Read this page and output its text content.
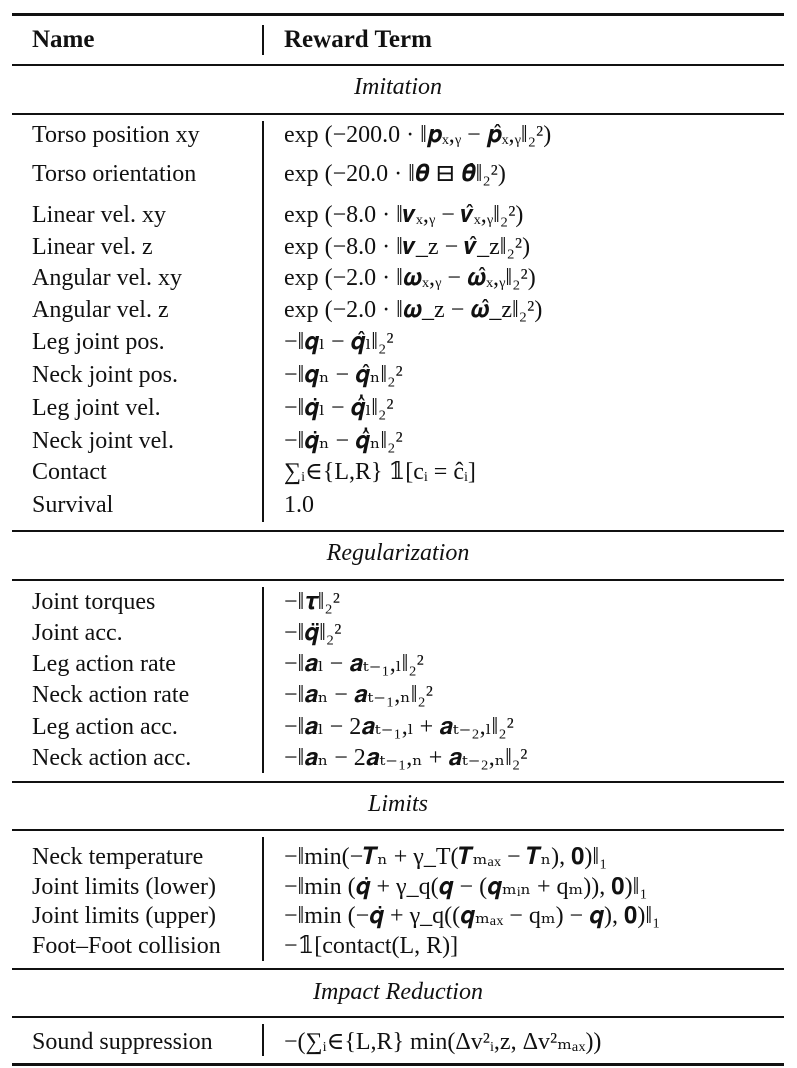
Name	Reward Term
Imitation
Torso position xy	exp (−200.0 · ‖𝒑ₓ,ᵧ − 𝒑̂ₓ,ᵧ‖₂²)
Torso orientation	exp (−20.0 · ‖𝜽 ⊟ 𝜽̂‖₂²)
Linear vel. xy	exp (−8.0 · ‖𝒗ₓ,ᵧ − 𝒗̂ₓ,ᵧ‖₂²)
Linear vel. z	exp (−8.0 · ‖𝒗_z − 𝒗̂_z‖₂²)
Angular vel. xy	exp (−2.0 · ‖𝝎ₓ,ᵧ − 𝝎̂ₓ,ᵧ‖₂²)
Angular vel. z	exp (−2.0 · ‖𝝎_z − 𝝎̂_z‖₂²)
Leg joint pos.	−‖𝒒ₗ − 𝒒̂ₗ‖₂²
Neck joint pos.	−‖𝒒ₙ − 𝒒̂ₙ‖₂²
Leg joint vel.	−‖𝒒̇ₗ − 𝒒̂̇ₗ‖₂²
Neck joint vel.	−‖𝒒̇ₙ − 𝒒̂̇ₙ‖₂²
Contact	∑ᵢ∈{L,R} 𝟙[cᵢ = ĉᵢ]
Survival	1.0
Regularization
Joint torques	−‖𝝉‖₂²
Joint acc.	−‖𝒒̈‖₂²
Leg action rate	−‖𝒂ₗ − 𝒂ₜ₋₁,ₗ‖₂²
Neck action rate	−‖𝒂ₙ − 𝒂ₜ₋₁,ₙ‖₂²
Leg action acc.	−‖𝒂ₗ − 2𝒂ₜ₋₁,ₗ + 𝒂ₜ₋₂,ₗ‖₂²
Neck action acc.	−‖𝒂ₙ − 2𝒂ₜ₋₁,ₙ + 𝒂ₜ₋₂,ₙ‖₂²
Limits
Neck temperature	−‖min(−𝑻̇ₙ + γ_T(𝑻ₘₐₓ − 𝑻ₙ), 𝟎)‖₁
Joint limits (lower)	−‖min (𝒒̇ + γ_q(𝒒 − (𝒒ₘᵢₙ + qₘ)), 𝟎)‖₁
Joint limits (upper)	−‖min (−𝒒̇ + γ_q((𝒒ₘₐₓ − qₘ) − 𝒒), 𝟎)‖₁
Foot–Foot collision	−𝟙[contact(L, R)]
Impact Reduction
Sound suppression	−(∑ᵢ∈{L,R} min(Δv²ᵢ,z, Δv²ₘₐₓ))
